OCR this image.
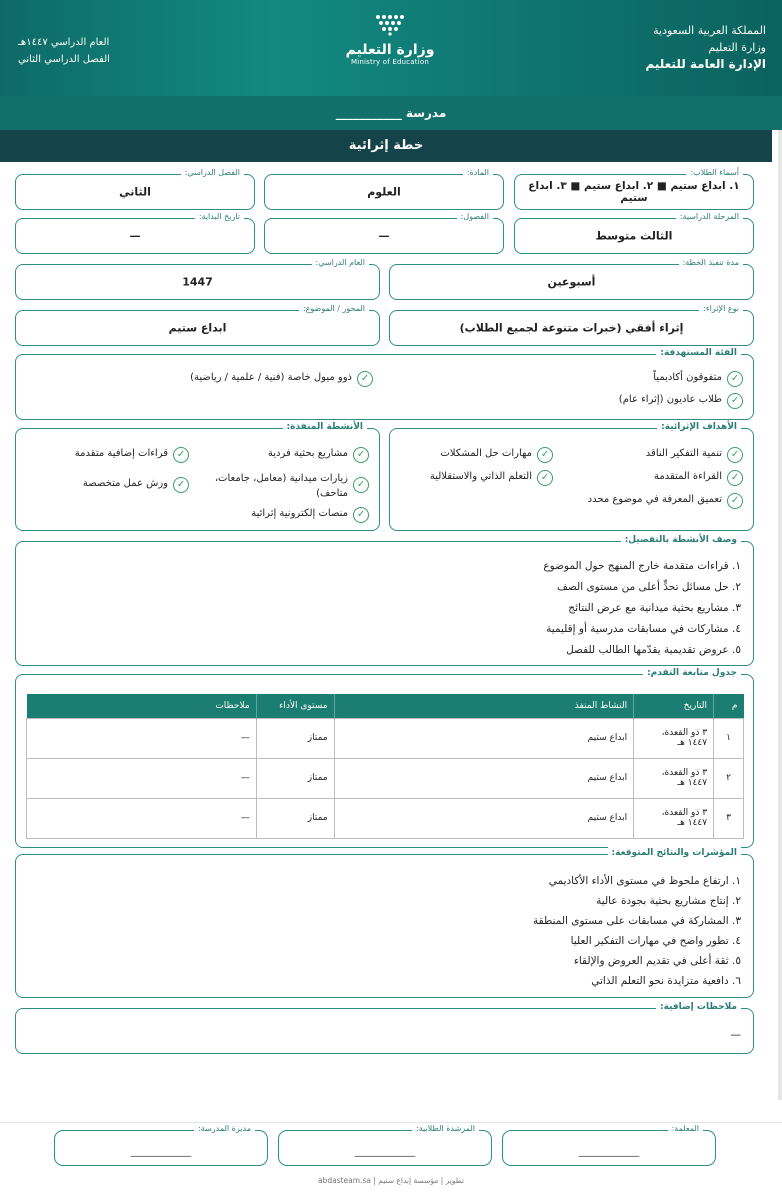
المملكة العربية السعودية
وزارة التعليم
الإدارة العامة للتعليم
وزارة التعليم
Ministry of Education
العام الدراسي ١٤٤٧هـ
الفصل الدراسي الثاني
مدرسة ___________
خطة إثرائية
أسماء الطلاب:
١. ابداع ستيم ■ ٢. ابداع ستيم ■ ٣. ابداع ستيم
المادة:
العلوم
الفصل الدراسي:
الثاني
المرحلة الدراسية:
الثالث متوسط
الفصول:
—
تاريخ البداية:
—
مدة تنفيذ الخطة:
أسبوعين
العام الدراسي:
1447
نوع الإثراء:
إثراء أفقي (خبرات متنوعة لجميع الطلاب)
المحور / الموضوع:
ابداع ستيم
الفئة المستهدفة:
✓
متفوقون أكاديمياً
✓
ذوو ميول خاصة (فنية / علمية / رياضية)
✓
طلاب عاديون (إثراء عام)
الأهداف الإثرائية:
✓
تنمية التفكير الناقد
✓
مهارات حل المشكلات
✓
القراءة المتقدمة
✓
التعلم الذاتي والاستقلالية
✓
تعميق المعرفة في موضوع محدد
الأنشطة المنفذة:
✓
مشاريع بحثية فردية
✓
قراءات إضافية متقدمة
✓
زيارات ميدانية (معامل، جامعات،
متاحف)
✓
ورش عمل متخصصة
✓
منصات إلكترونية إثرائية
وصف الأنشطة بالتفصيل:
١. قراءات متقدمة خارج المنهج حول الموضوع
٢. حل مسائل تحدٍّ أعلى من مستوى الصف
٣. مشاريع بحثية ميدانية مع عرض النتائج
٤. مشاركات في مسابقات مدرسية أو إقليمية
٥. عروض تقديمية يقدّمها الطالب للفصل
جدول متابعة التقدم:
م	التاريخ	النشاط المنفذ	مستوى الأداء	ملاحظات
١	٣ ذو القعدة، ١٤٤٧ هـ	ابداع ستيم	ممتاز	—
٢	٣ ذو القعدة، ١٤٤٧ هـ	ابداع ستيم	ممتاز	—
٣	٣ ذو القعدة، ١٤٤٧ هـ	ابداع ستيم	ممتاز	—
المؤشرات والنتائج المتوقعة:
١. ارتفاع ملحوظ في مستوى الأداء الأكاديمي
٢. إنتاج مشاريع بحثية بجودة عالية
٣. المشاركة في مسابقات على مستوى المنطقة
٤. تطور واضح في مهارات التفكير العليا
٥. ثقة أعلى في تقديم العروض والإلقاء
٦. دافعية متزايدة نحو التعلم الذاتي
ملاحظات إضافية:
—
المعلمة:
___________
المرشدة الطلابية:
___________
مديرة المدرسة:
___________
تطوير | مؤسسة إبداع ستيم | abdasteam.sa
